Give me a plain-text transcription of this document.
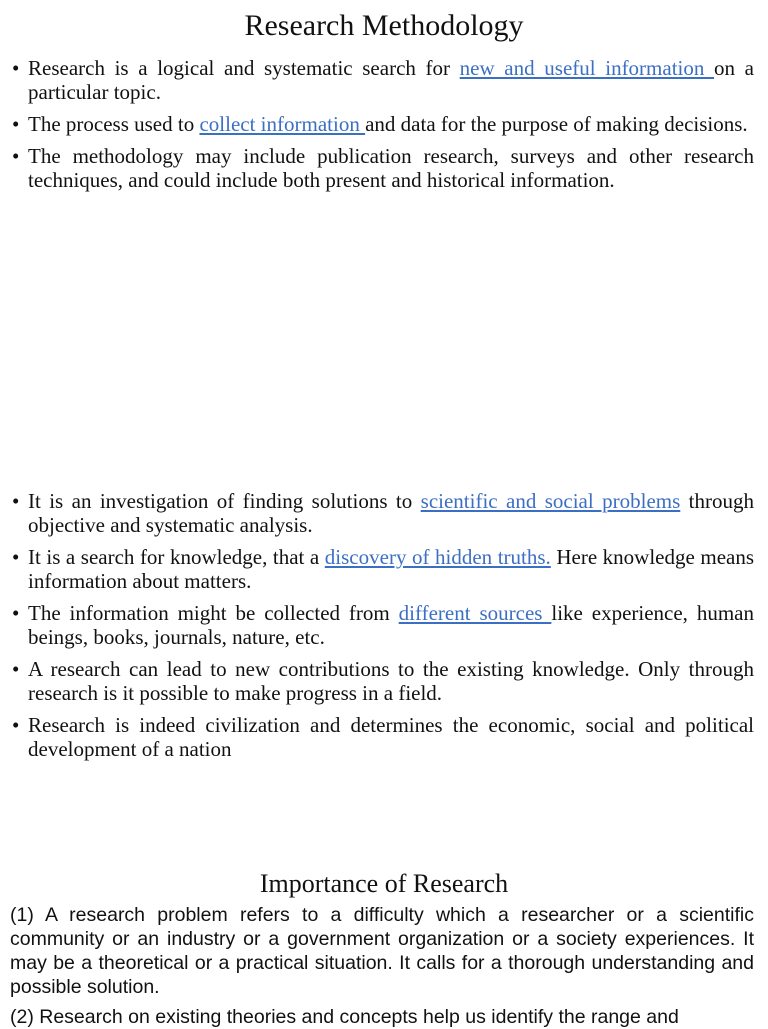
Research Methodology
• Research is a logical and systematic search for new and useful information on a particular topic.
• The process used to collect information and data for the purpose of making decisions.
• The methodology may include publication research, surveys and other research techniques, and could include both present and historical information.
• It is an investigation of finding solutions to scientific and social problems through objective and systematic analysis.
• It is a search for knowledge, that a discovery of hidden truths. Here knowledge means information about matters.
• The information might be collected from different sources like experience, human beings, books, journals, nature, etc.
• A research can lead to new contributions to the existing knowledge. Only through research is it possible to make progress in a field.
• Research is indeed civilization and determines the economic, social and political development of a nation
Importance of Research

(1) A research problem refers to a difficulty which a researcher or a scientific community or an industry or a government organization or a society experiences. It may be a theoretical or a practical situation. It calls for a thorough understanding and possible solution.

(2) Research on existing theories and concepts help us identify the range and
